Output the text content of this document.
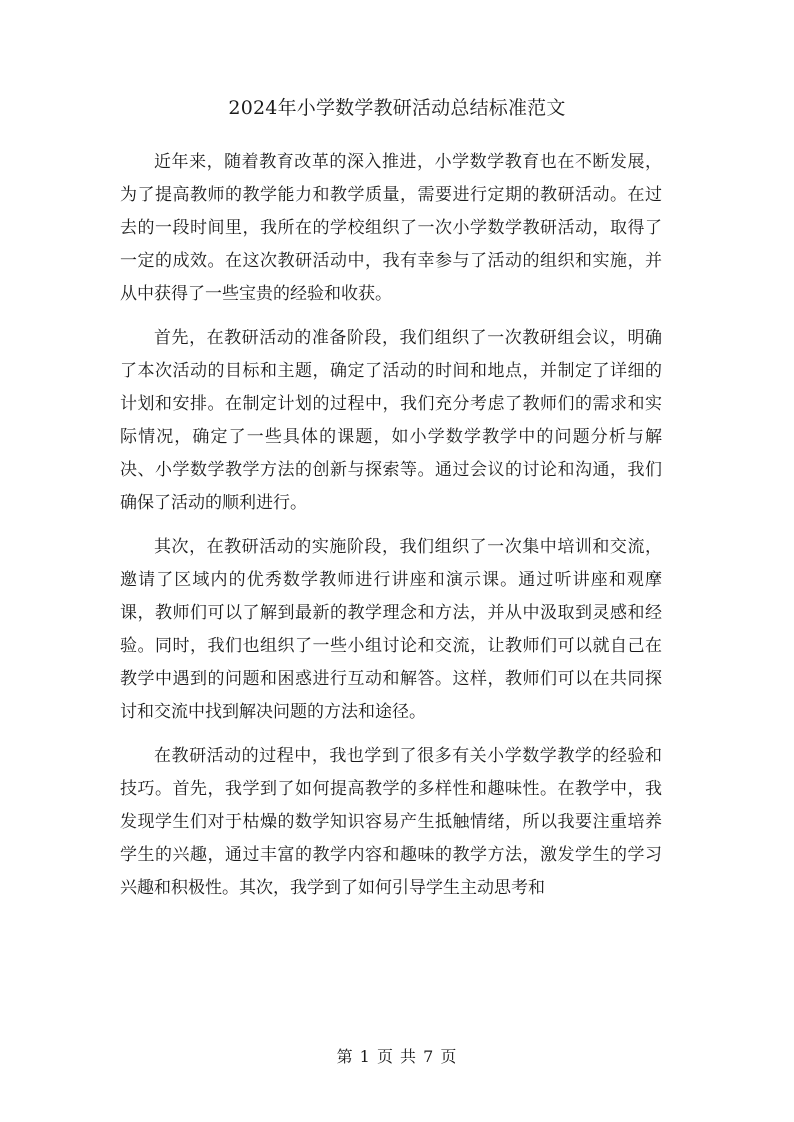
2024年小学数学教研活动总结标准范文

近年来，随着教育改革的深入推进，小学数学教育也在不断发展，为了提高教师的教学能力和教学质量，需要进行定期的教研活动。在过去的一段时间里，我所在的学校组织了一次小学数学教研活动，取得了一定的成效。在这次教研活动中，我有幸参与了活动的组织和实施，并从中获得了一些宝贵的经验和收获。

首先，在教研活动的准备阶段，我们组织了一次教研组会议，明确了本次活动的目标和主题，确定了活动的时间和地点，并制定了详细的计划和安排。在制定计划的过程中，我们充分考虑了教师们的需求和实际情况，确定了一些具体的课题，如小学数学教学中的问题分析与解决、小学数学教学方法的创新与探索等。通过会议的讨论和沟通，我们确保了活动的顺利进行。

其次，在教研活动的实施阶段，我们组织了一次集中培训和交流，邀请了区域内的优秀数学教师进行讲座和演示课。通过听讲座和观摩课，教师们可以了解到最新的教学理念和方法，并从中汲取到灵感和经验。同时，我们也组织了一些小组讨论和交流，让教师们可以就自己在教学中遇到的问题和困惑进行互动和解答。这样，教师们可以在共同探讨和交流中找到解决问题的方法和途径。

在教研活动的过程中，我也学到了很多有关小学数学教学的经验和技巧。首先，我学到了如何提高教学的多样性和趣味性。在教学中，我发现学生们对于枯燥的数学知识容易产生抵触情绪，所以我要注重培养学生的兴趣，通过丰富的教学内容和趣味的教学方法，激发学生的学习兴趣和积极性。其次，我学到了如何引导学生主动思考和

第 1 页 共 7 页
